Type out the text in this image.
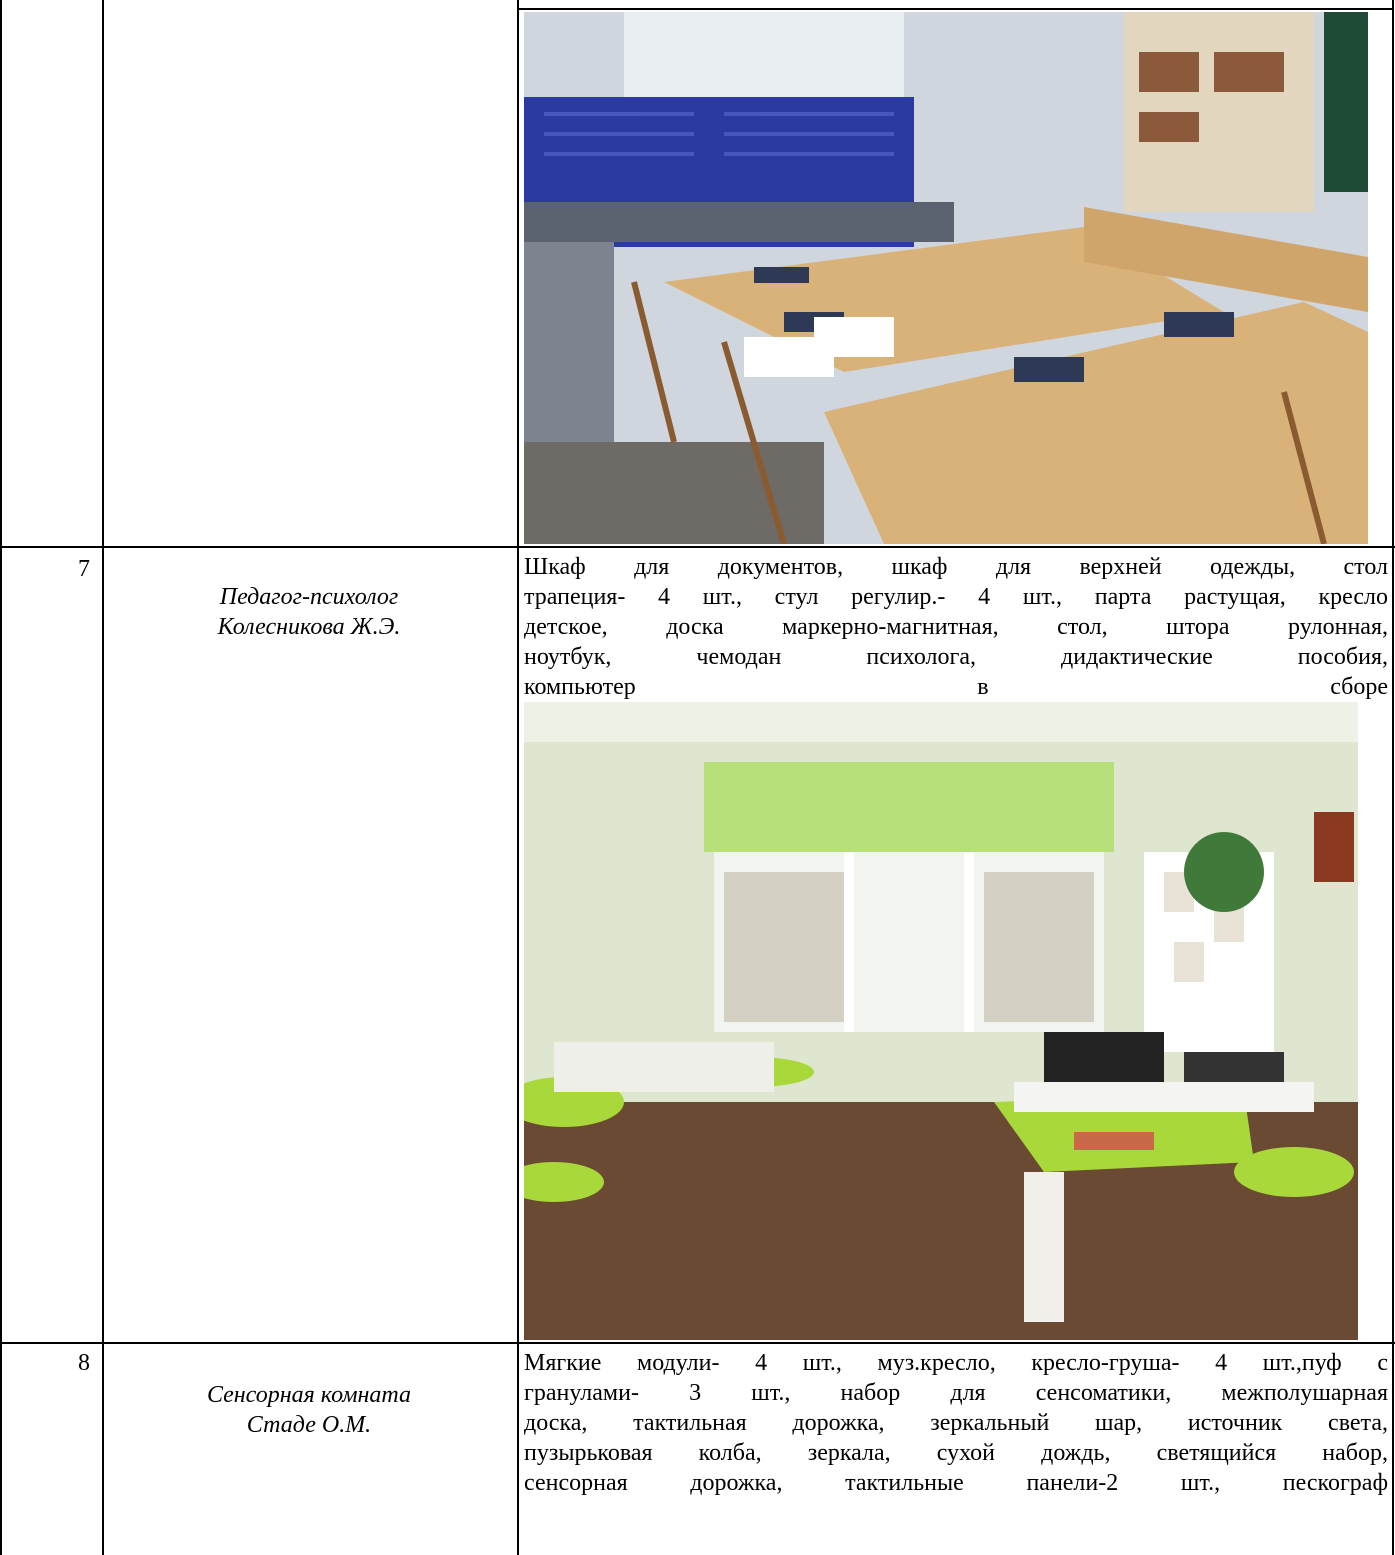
7
Педагог-психолог
Колесникова Ж.Э.
Шкаф для документов, шкаф для верхней одежды, стол
трапеция- 4 шт., стул регулир.- 4 шт., парта растущая, кресло
детское, доска маркерно-магнитная, стол, штора рулонная,
ноутбук, чемодан психолога, дидактические пособия,
компьютер в сборе
8
Сенсорная комната
Стаде О.М.
Мягкие модули- 4 шт., муз.кресло, кресло-груша- 4 шт.,пуф с
гранулами- 3 шт., набор для сенсоматики, межполушарная
доска, тактильная дорожка, зеркальный шар, источник света,
пузырьковая колба, зеркала, сухой дождь, светящийся набор,
сенсорная дорожка, тактильные панели-2 шт., пескограф
